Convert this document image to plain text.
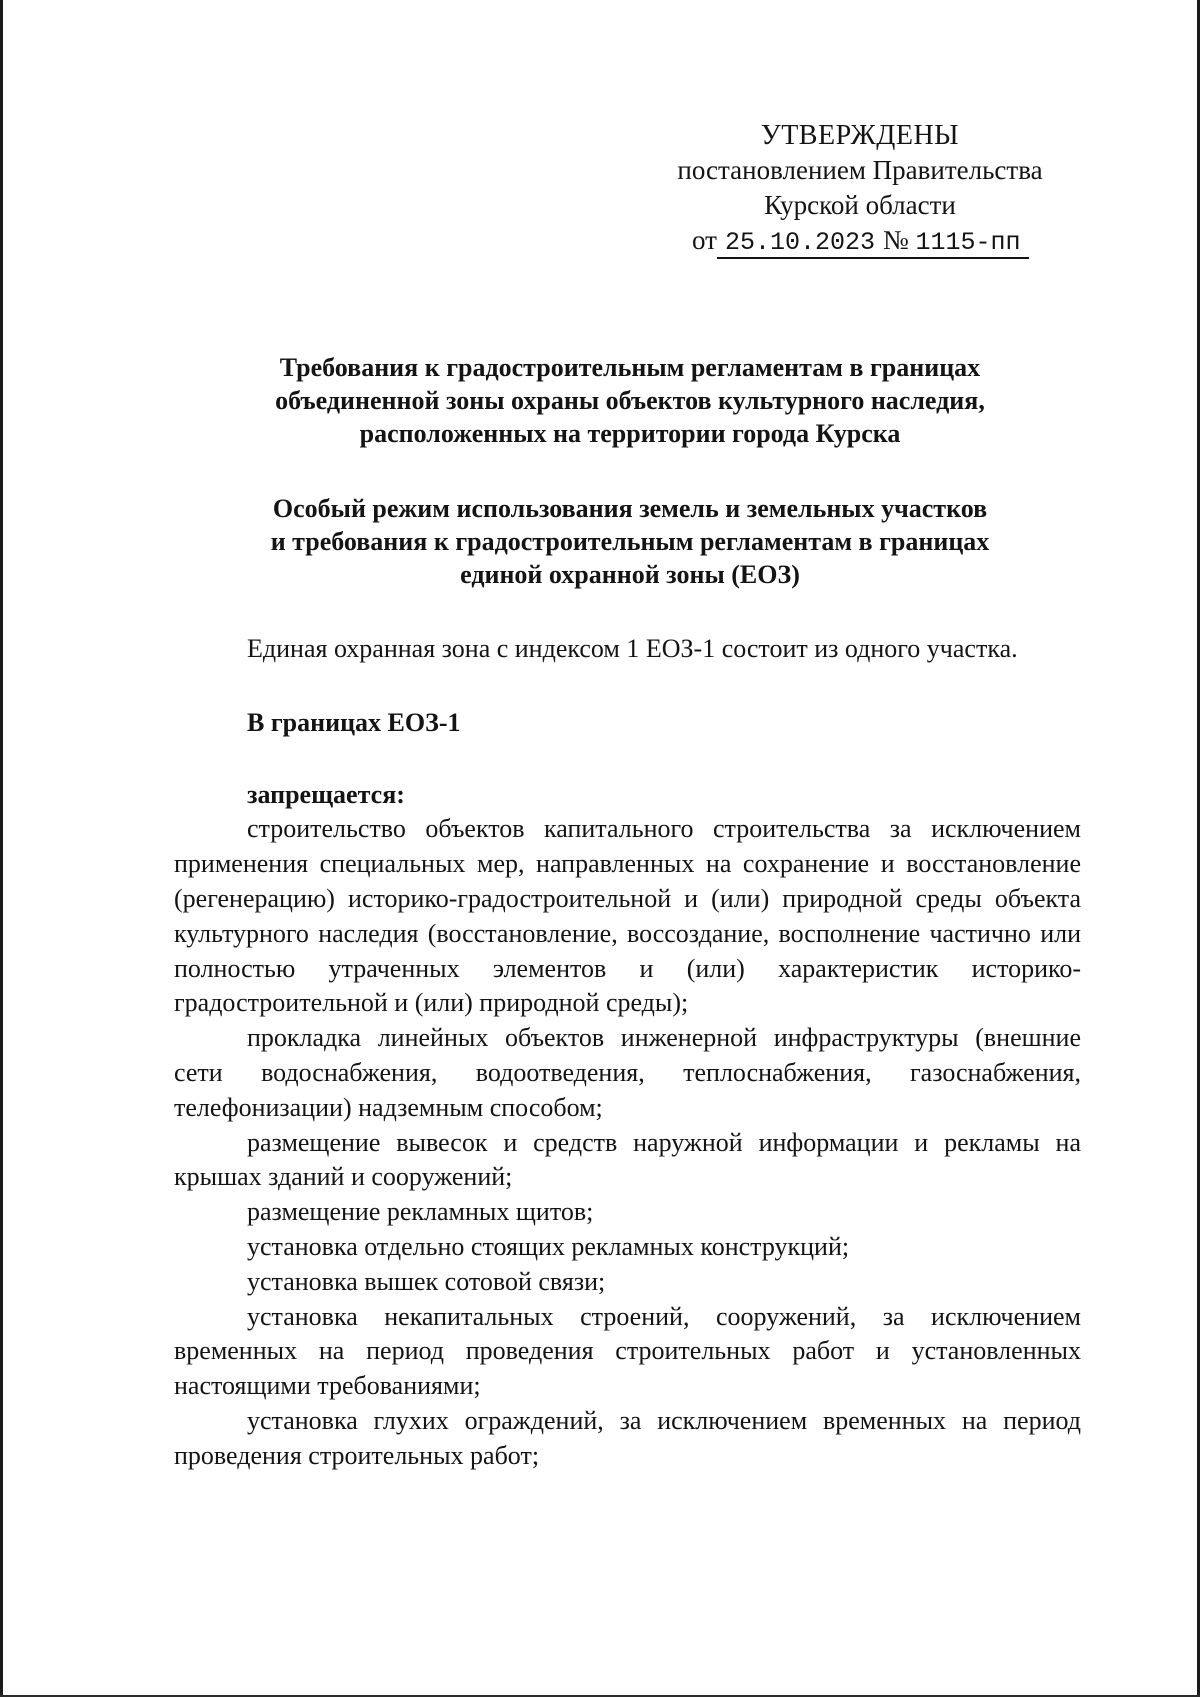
УТВЕРЖДЕНЫ
постановлением Правительства
Курской области
от 25.10.2023 № 1115-пп
Требования к градостроительным регламентам в границах
объединенной зоны охраны объектов культурного наследия,
расположенных на территории города Курска
Особый режим использования земель и земельных участков
и требования к градостроительным регламентам в границах
единой охранной зоны (ЕОЗ)

Единая охранная зона с индексом 1 ЕОЗ-1 состоит из одного участка.

В границах ЕОЗ-1

запрещается:

строительство объектов капитального строительства за исключением применения специальных мер, направленных на сохранение и восстановление (регенерацию) историко-градостроительной и (или) природной среды объекта культурного наследия (восстановление, воссоздание, восполнение частично или полностью утраченных элементов и (или) характеристик историко-градостроительной и (или) природной среды);

прокладка линейных объектов инженерной инфраструктуры (внешние сети водоснабжения, водоотведения, теплоснабжения, газоснабжения, телефонизации) надземным способом;

размещение вывесок и средств наружной информации и рекламы на крышах зданий и сооружений;

размещение рекламных щитов;

установка отдельно стоящих рекламных конструкций;

установка вышек сотовой связи;

установка некапитальных строений, сооружений, за исключением временных на период проведения строительных работ и установленных настоящими требованиями;

установка глухих ограждений, за исключением временных на период проведения строительных работ;
